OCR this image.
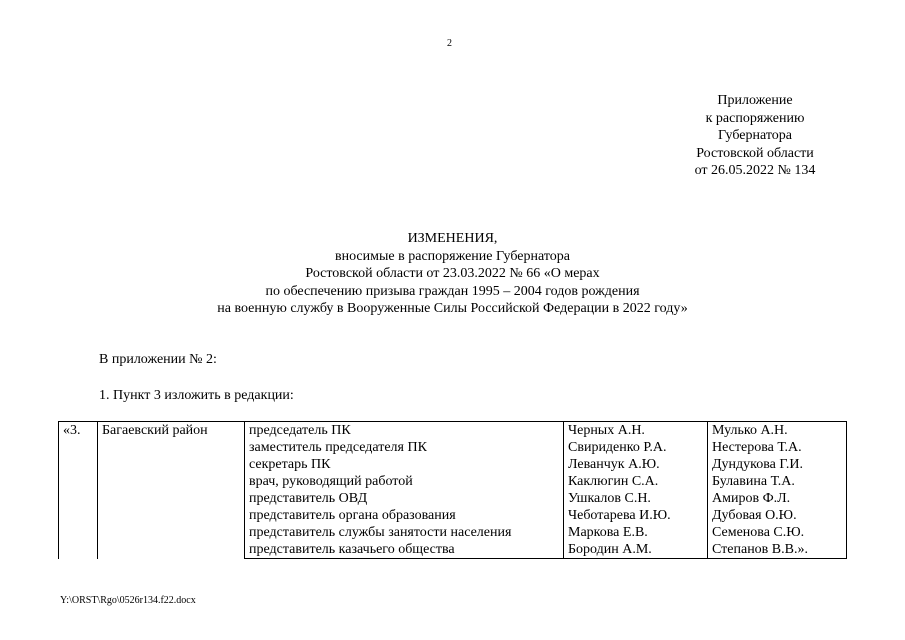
2
Приложение
к распоряжению
Губернатора
Ростовской области
от 26.05.2022 № 134
ИЗМЕНЕНИЯ,
вносимые в распоряжение Губернатора
Ростовской области от 23.03.2022 № 66 «О мерах
по обеспечению призыва граждан 1995 – 2004 годов рождения
на военную службу в Вооруженные Силы Российской Федерации в 2022 году»
В приложении № 2:
1. Пункт 3 изложить в редакции:
«3.	Багаевский район	председатель ПК	Черных А.Н.	Мулько А.Н.
		заместитель председателя ПК	Свириденко Р.А.	Нестерова Т.А.
		секретарь ПК	Леванчук А.Ю.	Дундукова Г.И.
		врач, руководящий работой	Каклюгин С.А.	Булавина Т.А.
		представитель ОВД	Ушкалов С.Н.	Амиров Ф.Л.
		представитель органа образования	Чеботарева И.Ю.	Дубовая О.Ю.
		представитель службы занятости населения	Маркова Е.В.	Семенова С.Ю.
		представитель казачьего общества	Бородин А.М.	Степанов В.В.».
Y:\ORST\Rgo\0526r134.f22.docx
